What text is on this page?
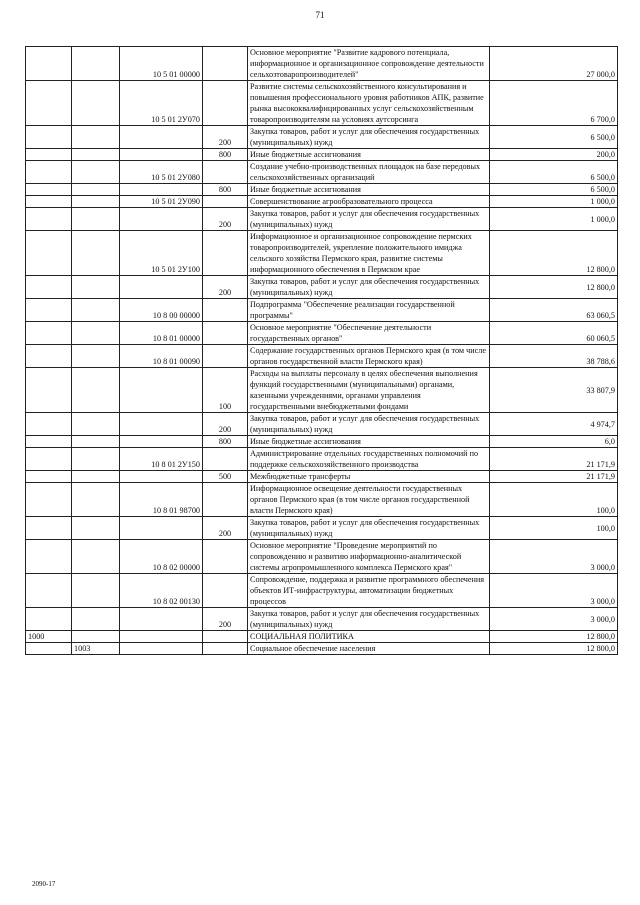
71
		10 5 01 00000		Основное мероприятие "Развитие кадрового потенциала, информационное и организационное сопровождение деятельности сельхозтоваропроизводителей"	27 000,0
		10 5 01 2У070		Развитие системы сельскохозяйственного консультирования и повышения профессионального уровня работников АПК, развитие рынка высококвалифицированных услуг сельскохозяйственным товаропроизводителям на условиях аутсорсинга	6 700,0
			200	Закупка товаров, работ и услуг для обеспечения государственных (муниципальных) нужд	6 500,0
			800	Иные бюджетные ассигнования	200,0
		10 5 01 2У080		Создание учебно-производственных площадок на базе передовых сельскохозяйственных организаций	6 500,0
			800	Иные бюджетные ассигнования	6 500,0
		10 5 01 2У090		Совершенствование агрообразовательного процесса	1 000,0
			200	Закупка товаров, работ и услуг для обеспечения государственных (муниципальных) нужд	1 000,0
		10 5 01 2У100		Информационное и организационное сопровождение пермских товаропроизводителей, укрепление положительного имиджа сельского хозяйства Пермского края, развитие системы информационного обеспечения в Пермском крае	12 800,0
			200	Закупка товаров, работ и услуг для обеспечения государственных (муниципальных) нужд	12 800,0
		10 8 00 00000		Подпрограмма "Обеспечение реализации государственной программы"	63 060,5
		10 8 01 00000		Основное мероприятие "Обеспечение деятельности государственных органов"	60 060,5
		10 8 01 00090		Содержание государственных органов Пермского края (в том числе органов государственной власти Пермского края)	38 788,6
			100	Расходы на выплаты персоналу в целях обеспечения выполнения функций государственными (муниципальными) органами, казенными учреждениями, органами управления государственными внебюджетными фондами	33 807,9
			200	Закупка товаров, работ и услуг для обеспечения государственных (муниципальных) нужд	4 974,7
			800	Иные бюджетные ассигнования	6,0
		10 8 01 2У150		Администрирование отдельных государственных полномочий по поддержке сельскохозяйственного производства	21 171,9
			500	Межбюджетные трансферты	21 171,9
		10 8 01 98700		Информационное освещение деятельности государственных органов Пермского края (в том числе органов государственной власти Пермского края)	100,0
			200	Закупка товаров, работ и услуг для обеспечения государственных (муниципальных) нужд	100,0
		10 8 02 00000		Основное мероприятие "Проведение мероприятий по сопровождению и развитию информационно-аналитической системы агропромышленного комплекса Пермского края"	3 000,0
		10 8 02 00130		Сопровождение, поддержка и развитие программного обеспечения объектов ИТ-инфраструктуры, автоматизации бюджетных процессов	3 000,0
			200	Закупка товаров, работ и услуг для обеспечения государственных (муниципальных) нужд	3 000,0
1000				СОЦИАЛЬНАЯ ПОЛИТИКА	12 800,0
	1003			Социальное обеспечение населения	12 800,0
2090-17
